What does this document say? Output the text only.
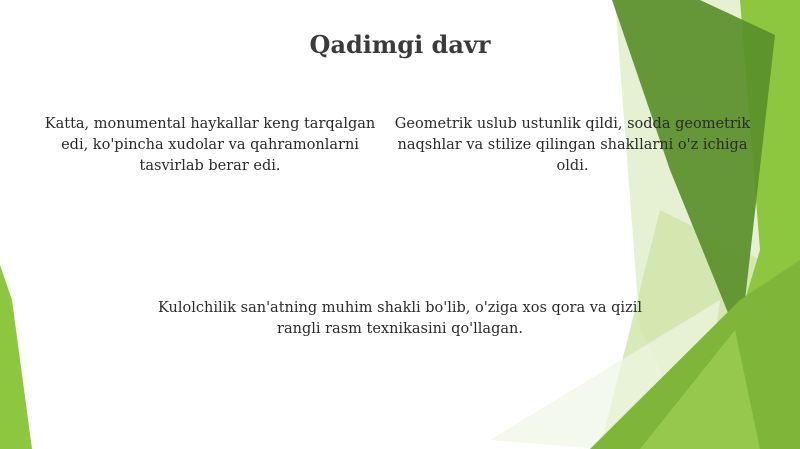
Qadimgi davr
Katta, monumental haykallar keng tarqalgan edi, ko'pincha xudolar va qahramonlarni tasvirlab berar edi.
Geometrik uslub ustunlik qildi, sodda geometrik naqshlar va stilize qilingan shakllarni o'z ichiga oldi.
Kulolchilik san'atning muhim shakli bo'lib, o'ziga xos qora va qizil rangli rasm texnikasini qo'llagan.
